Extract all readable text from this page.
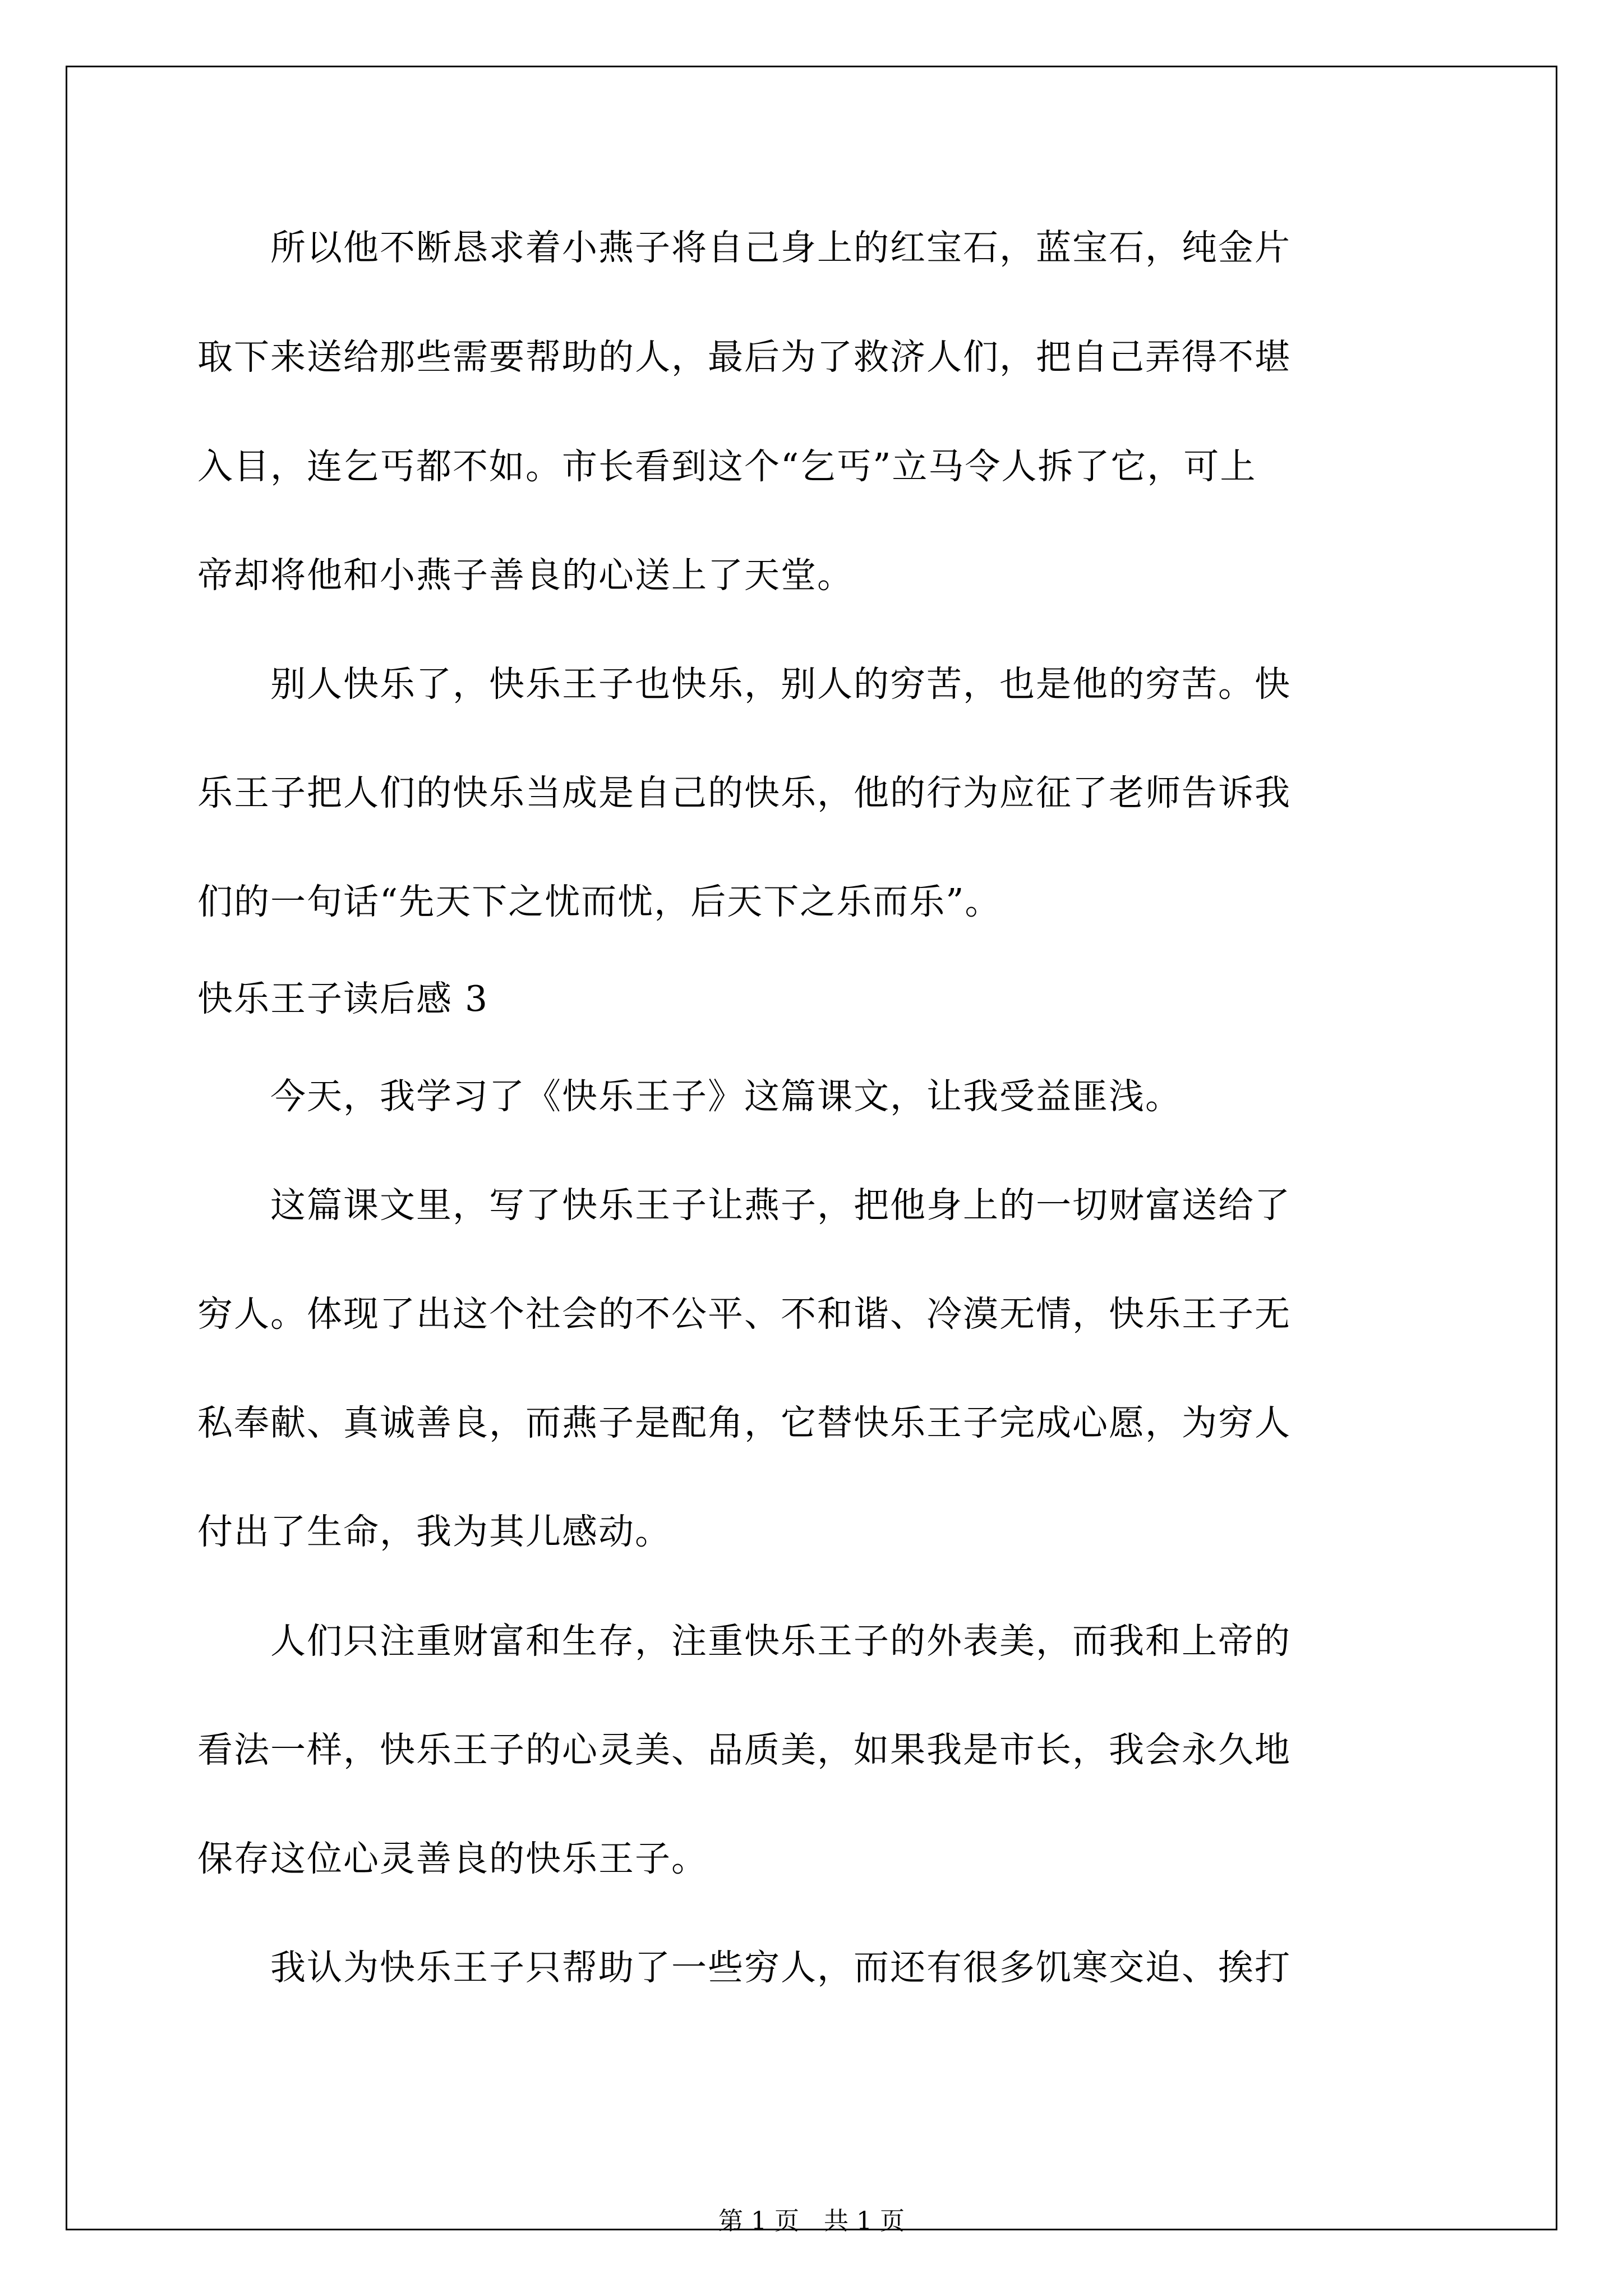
　　所以他不断恳求着小燕子将自己身上的红宝石，蓝宝石，纯金片
取下来送给那些需要帮助的人，最后为了救济人们，把自己弄得不堪
入目，连乞丐都不如。市长看到这个“乞丐”立马令人拆了它，可上
帝却将他和小燕子善良的心送上了天堂。
　　别人快乐了，快乐王子也快乐，别人的穷苦，也是他的穷苦。快
乐王子把人们的快乐当成是自己的快乐，他的行为应征了老师告诉我
们的一句话“先天下之忧而忧，后天下之乐而乐”。
快乐王子读后感 3
　　今天，我学习了《快乐王子》这篇课文，让我受益匪浅。
　　这篇课文里，写了快乐王子让燕子，把他身上的一切财富送给了
穷人。体现了出这个社会的不公平、不和谐、冷漠无情，快乐王子无
私奉献、真诚善良，而燕子是配角，它替快乐王子完成心愿，为穷人
付出了生命，我为其儿感动。
　　人们只注重财富和生存，注重快乐王子的外表美，而我和上帝的
看法一样，快乐王子的心灵美、品质美，如果我是市长，我会永久地
保存这位心灵善良的快乐王子。
　　我认为快乐王子只帮助了一些穷人，而还有很多饥寒交迫、挨打
第 1 页　共 1 页
